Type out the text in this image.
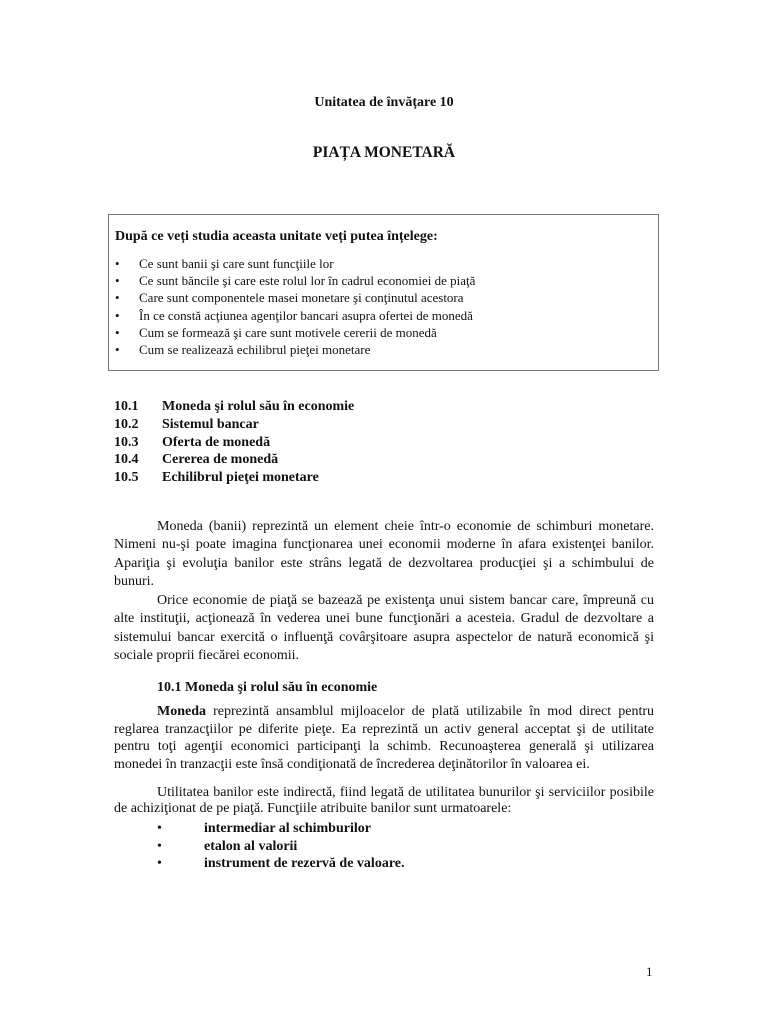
Unitatea de învățare 10
PIAȚA MONETARĂ
După ce veți studia aceasta unitate veți putea înțelege:
• Ce sunt banii şi care sunt funcţiile lor
• Ce sunt băncile şi care este rolul lor în cadrul economiei de piaţă
• Care sunt componentele masei monetare şi conţinutul acestora
• În ce constă acţiunea agenţilor bancari asupra ofertei de monedă
• Cum se formează şi care sunt motivele cererii de monedă
• Cum se realizează echilibrul pieţei monetare
10.1 Moneda şi rolul său în economie
10.2 Sistemul bancar
10.3 Oferta de monedă
10.4 Cererea de monedă
10.5 Echilibrul pieţei monetare

Moneda (banii) reprezintă un element cheie într-o economie de schimburi monetare. Nimeni nu-şi poate imagina funcţionarea unei economii moderne în afara existenţei banilor. Apariţia şi evoluţia banilor este strâns legată de dezvoltarea producţiei şi a schimbului de bunuri.

Orice economie de piaţă se bazează pe existenţa unui sistem bancar care, împreună cu alte instituţii, acţionează în vederea unei bune funcţionări a acesteia. Gradul de dezvoltare a sistemului bancar exercită o influenţă covârşitoare asupra aspectelor de natură economică şi sociale proprii fiecărei economii.

10.1 Moneda şi rolul său în economie

Moneda reprezintă ansamblul mijloacelor de plată utilizabile în mod direct pentru reglarea tranzacţiilor pe diferite pieţe. Ea reprezintă un activ general acceptat şi de utilitate pentru toţi agenţii economici participanţi la schimb. Recunoaşterea generală şi utilizarea monedei în tranzacţii este însă condiţionată de încrederea deţinătorilor în valoarea ei.

Utilitatea banilor este indirectă, fiind legată de utilitatea bunurilor şi serviciilor posibile de achiziţionat de pe piaţă. Funcţiile atribuite banilor sunt urmatoarele:

•	intermediar al schimburilor
•	etalon al valorii
•	instrument de rezervă de valoare.
1
